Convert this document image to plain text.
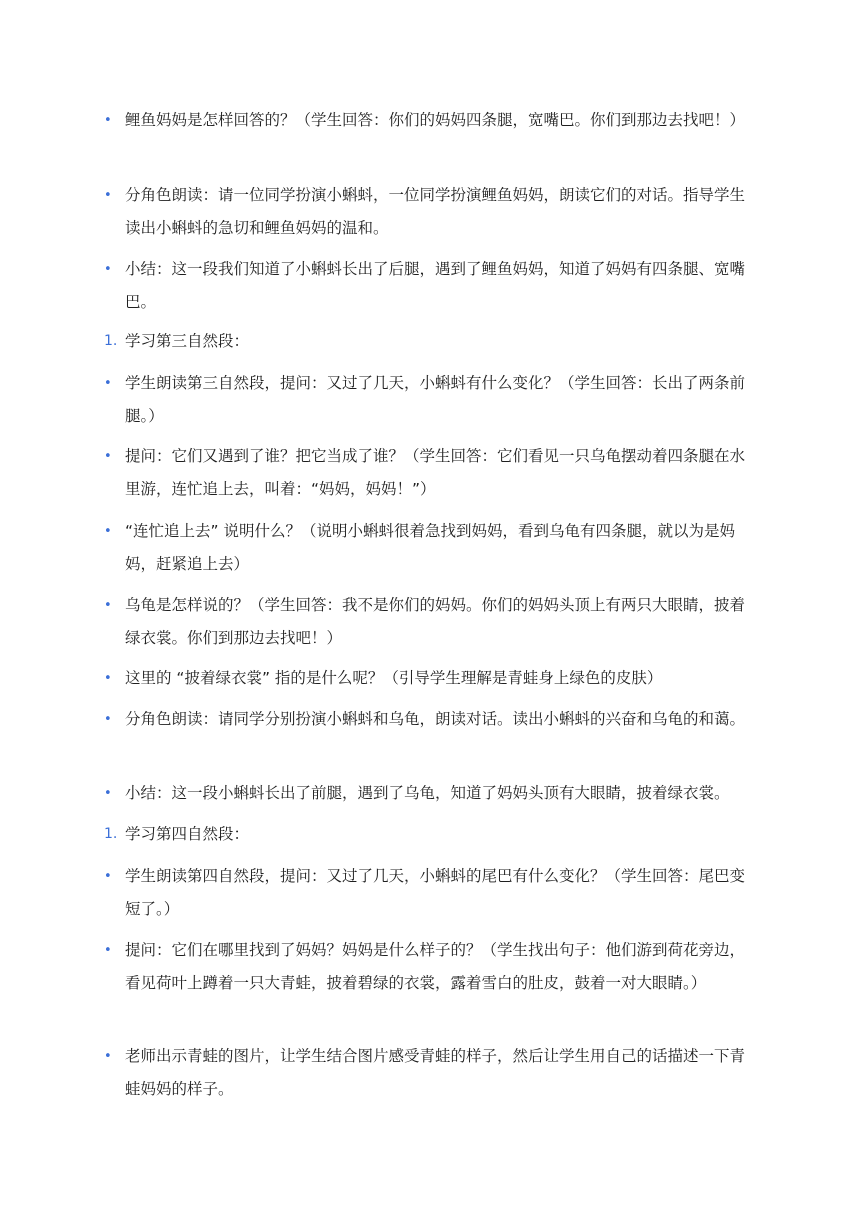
• 鲤鱼妈妈是怎样回答的？（学生回答：你们的妈妈四条腿，宽嘴巴。你们到那边去找吧！）
• 分角色朗读：请一位同学扮演小蝌蚪，一位同学扮演鲤鱼妈妈，朗读它们的对话。指导学生读出小蝌蚪的急切和鲤鱼妈妈的温和。
• 小结：这一段我们知道了小蝌蚪长出了后腿，遇到了鲤鱼妈妈，知道了妈妈有四条腿、宽嘴巴。
1. 学习第三自然段：
• 学生朗读第三自然段，提问：又过了几天，小蝌蚪有什么变化？（学生回答：长出了两条前腿。）
• 提问：它们又遇到了谁？把它当成了谁？（学生回答：它们看见一只乌龟摆动着四条腿在水里游，连忙追上去，叫着：“妈妈，妈妈！”）
• “连忙追上去” 说明什么？（说明小蝌蚪很着急找到妈妈，看到乌龟有四条腿，就以为是妈妈，赶紧追上去）
• 乌龟是怎样说的？（学生回答：我不是你们的妈妈。你们的妈妈头顶上有两只大眼睛，披着绿衣裳。你们到那边去找吧！）
• 这里的 “披着绿衣裳” 指的是什么呢？（引导学生理解是青蛙身上绿色的皮肤）
• 分角色朗读：请同学分别扮演小蝌蚪和乌龟，朗读对话。读出小蝌蚪的兴奋和乌龟的和蔼。
• 小结：这一段小蝌蚪长出了前腿，遇到了乌龟，知道了妈妈头顶有大眼睛，披着绿衣裳。
1. 学习第四自然段：
• 学生朗读第四自然段，提问：又过了几天，小蝌蚪的尾巴有什么变化？（学生回答：尾巴变短了。）
• 提问：它们在哪里找到了妈妈？妈妈是什么样子的？（学生找出句子：他们游到荷花旁边，看见荷叶上蹲着一只大青蛙，披着碧绿的衣裳，露着雪白的肚皮，鼓着一对大眼睛。）
• 老师出示青蛙的图片，让学生结合图片感受青蛙的样子，然后让学生用自己的话描述一下青蛙妈妈的样子。
